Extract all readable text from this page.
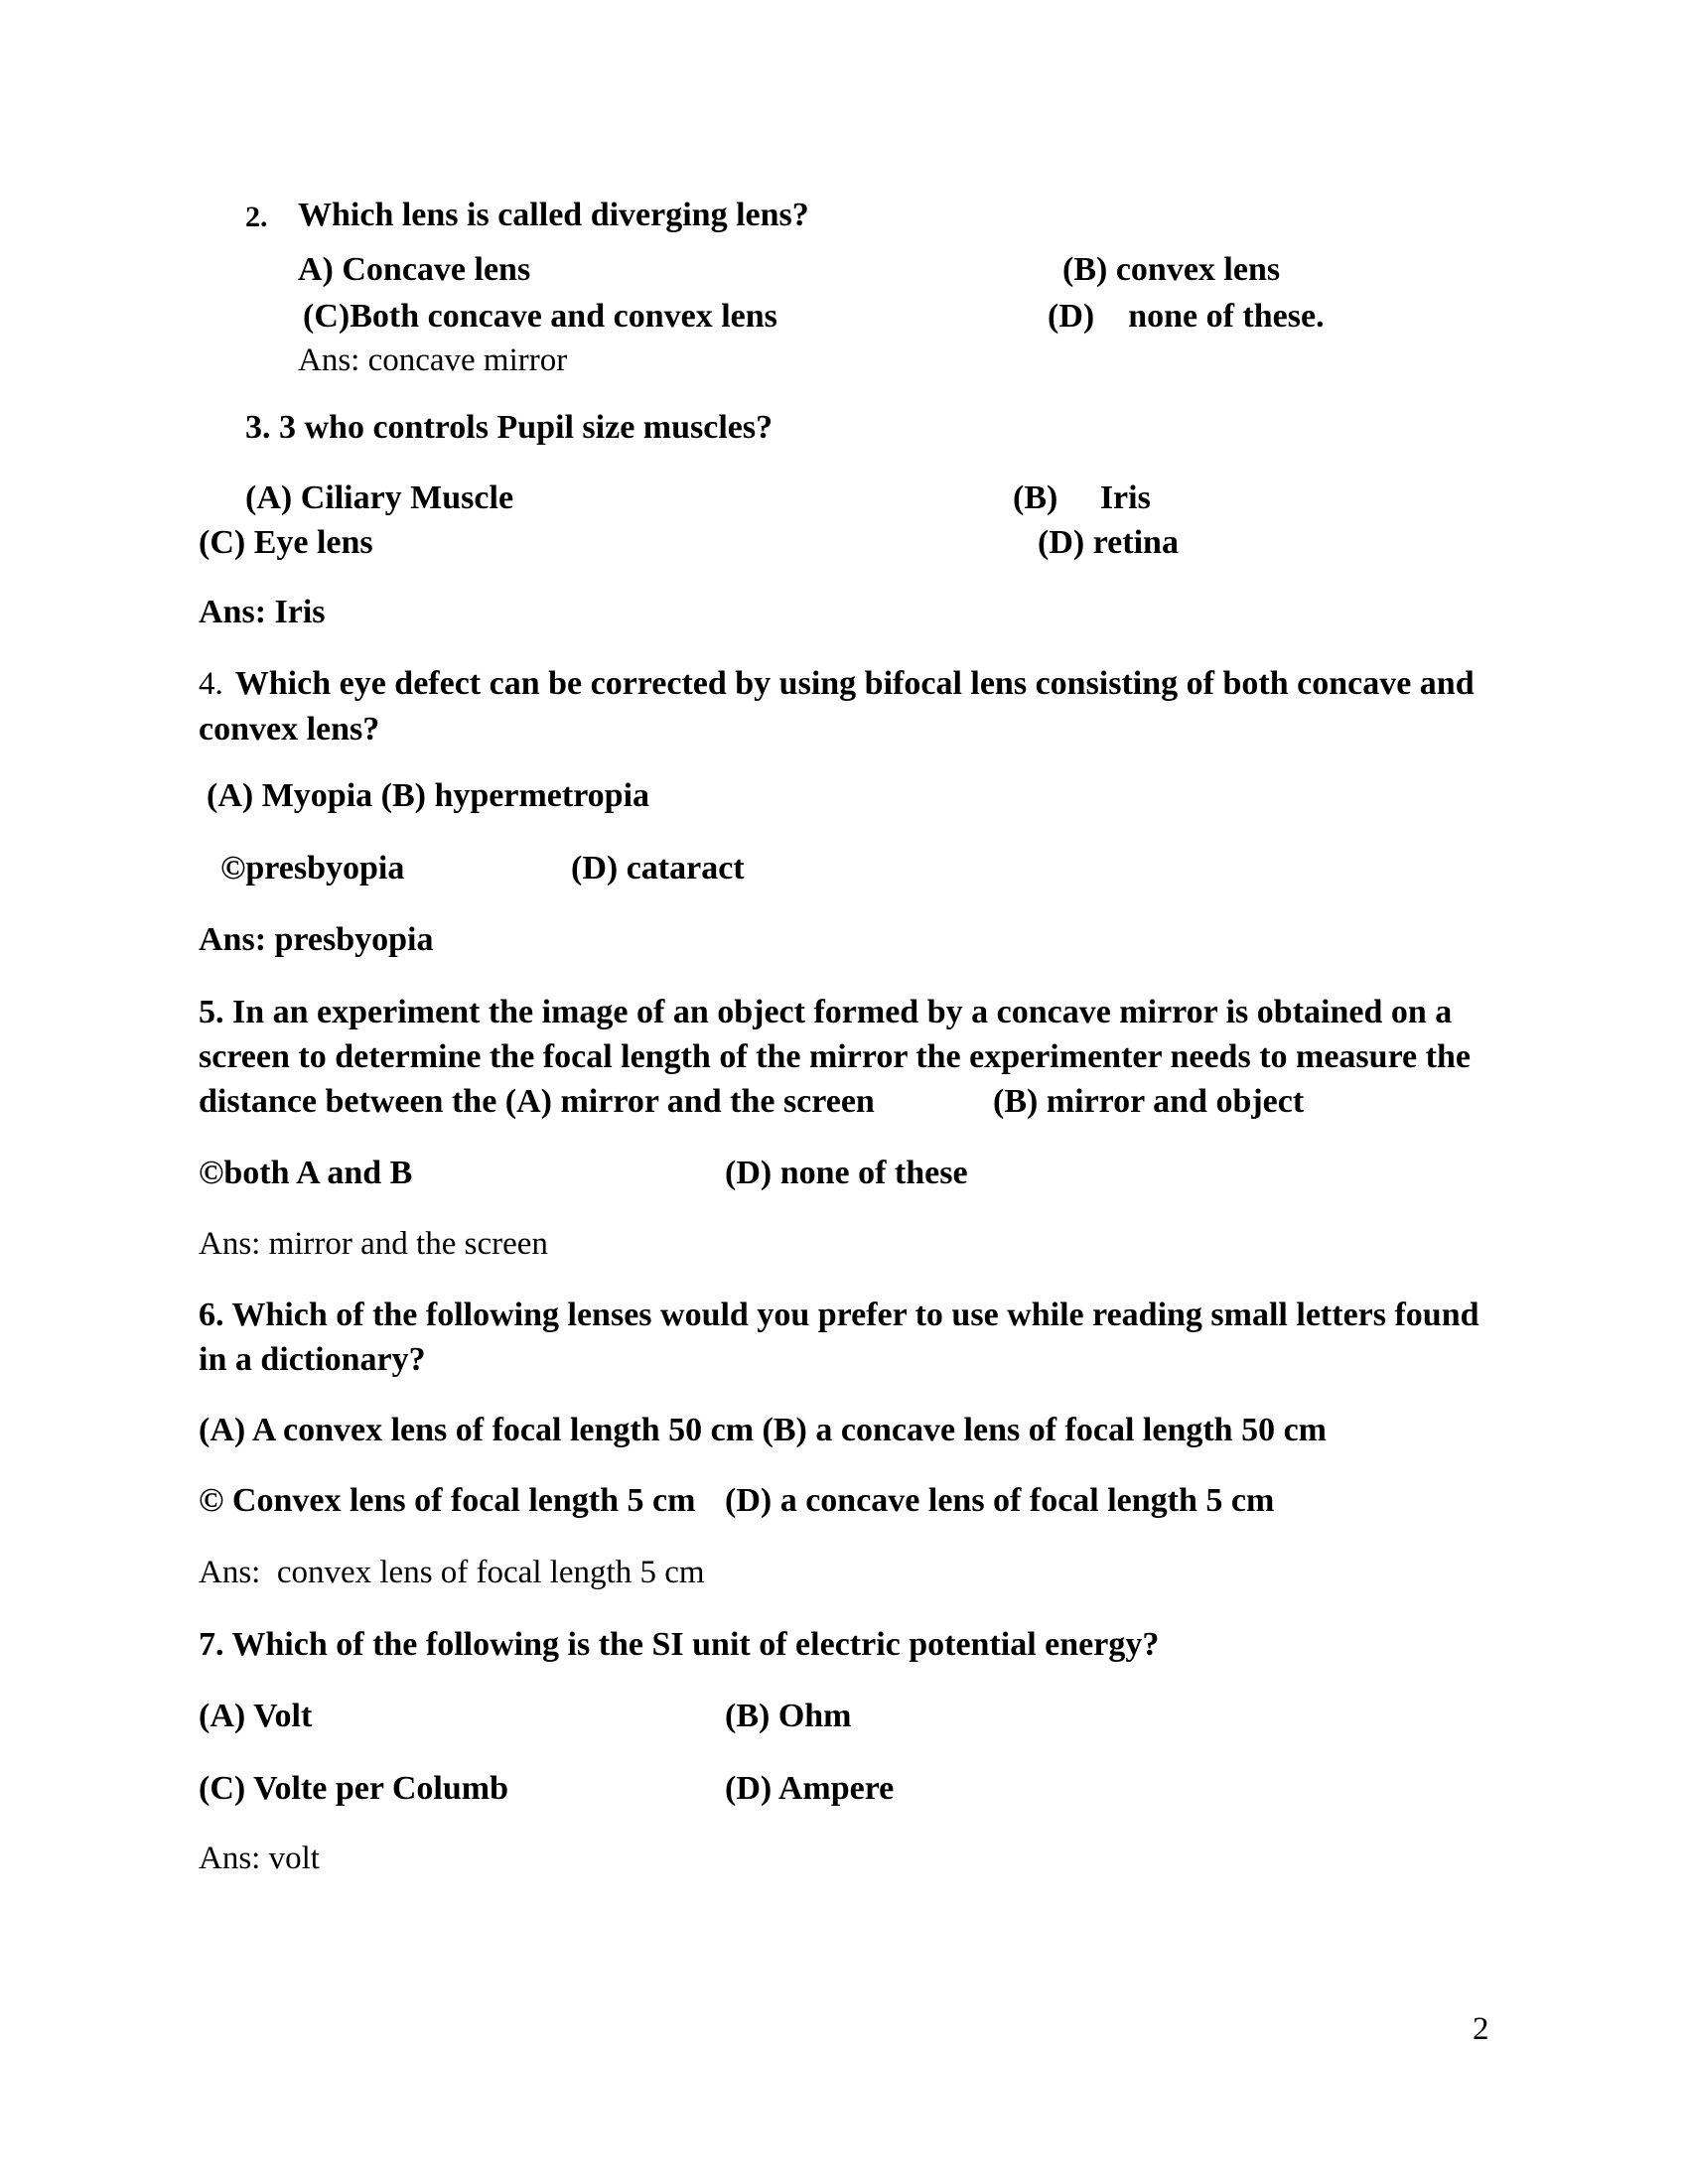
2. Which lens is called diverging lens?
A) Concave lens	(B) convex lens
(C)Both concave and convex lens	(D)    none of these.
Ans: concave mirror
3. 3 who controls Pupil size muscles?
(A) Ciliary Muscle	(B)     Iris
(C) Eye lens	(D) retina
Ans: Iris
4. Which eye defect can be corrected by using bifocal lens consisting of both concave and
convex lens?
(A) Myopia (B) hypermetropia
©presbyopia	(D) cataract
Ans: presbyopia
5. In an experiment the image of an object formed by a concave mirror is obtained on a
screen to determine the focal length of the mirror the experimenter needs to measure the
distance between the (A) mirror and the screen	(B) mirror and object
©both A and B	(D) none of these
Ans: mirror and the screen
6. Which of the following lenses would you prefer to use while reading small letters found
in a dictionary?
(A) A convex lens of focal length 50 cm (B) a concave lens of focal length 50 cm
© Convex lens of focal length 5 cm (D) a concave lens of focal length 5 cm
Ans:  convex lens of focal length 5 cm
7. Which of the following is the SI unit of electric potential energy?
(A) Volt	(B) Ohm
(C) Volte per Columb	(D) Ampere
Ans: volt
2
